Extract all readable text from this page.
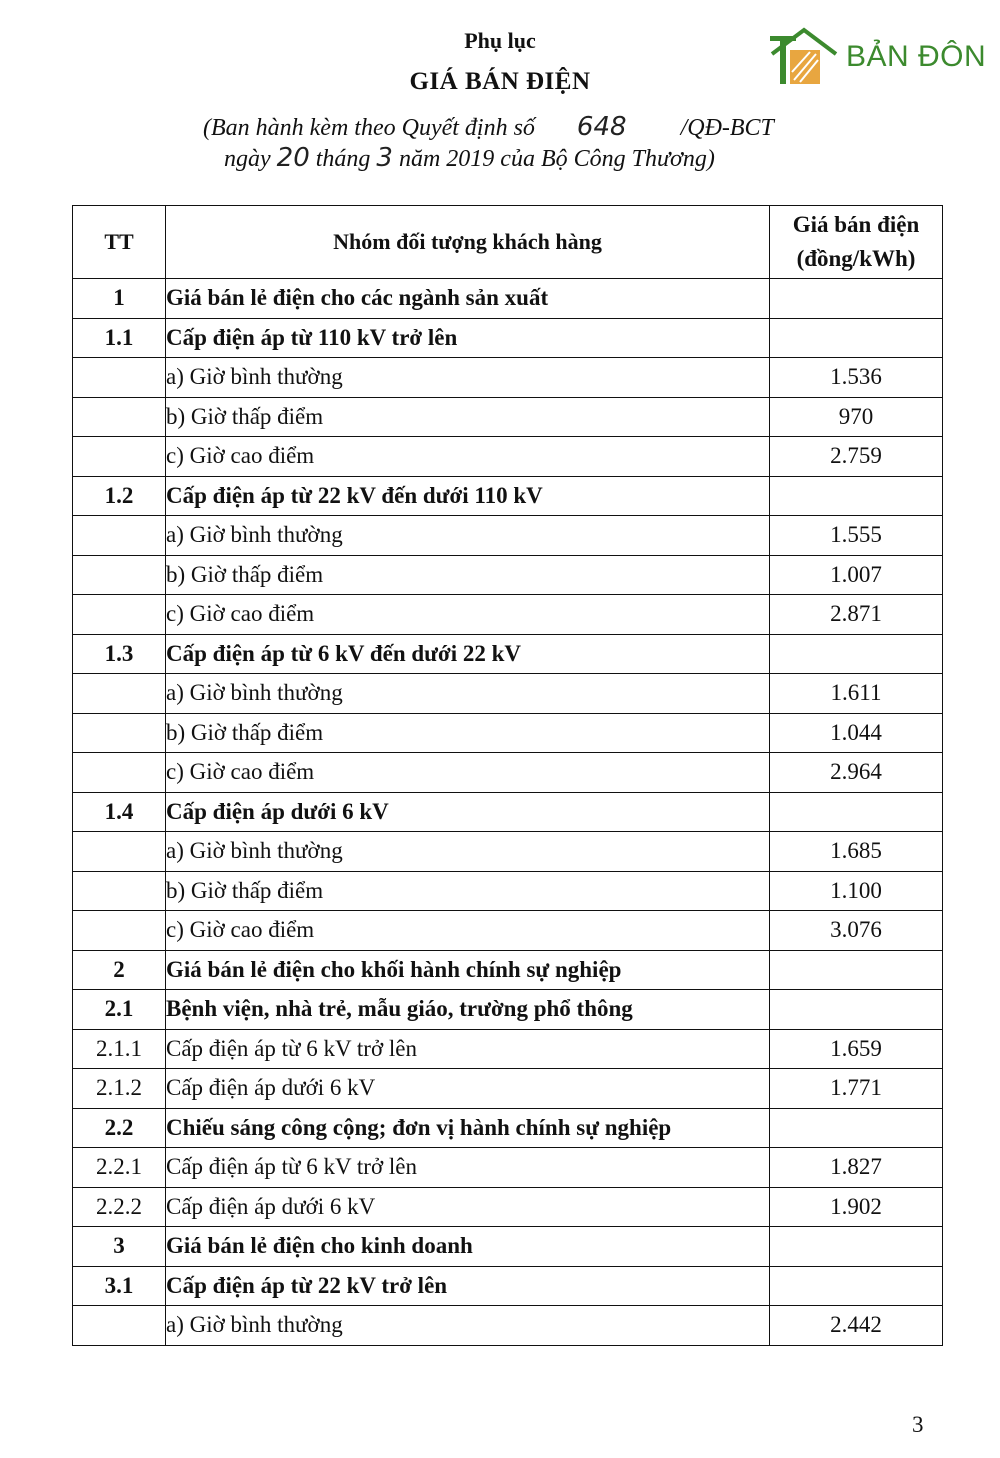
Phụ lục
GIÁ BÁN ĐIỆN
(Ban hành kèm theo Quyết định số 648 /QĐ-BCT
ngày 20 tháng 3 năm 2019 của Bộ Công Thương)
BẢN ĐÔN
TT	Nhóm đối tượng khách hàng	Giá bán điện
(đồng/kWh)

1	Giá bán lẻ điện cho các ngành sản xuất	
1.1	Cấp điện áp từ 110 kV trở lên	
	a) Giờ bình thường	1.536
	b) Giờ thấp điểm	970
	c) Giờ cao điểm	2.759
1.2	Cấp điện áp từ 22 kV đến dưới 110 kV	
	a) Giờ bình thường	1.555
	b) Giờ thấp điểm	1.007
	c) Giờ cao điểm	2.871
1.3	Cấp điện áp từ 6 kV đến dưới 22 kV	
	a) Giờ bình thường	1.611
	b) Giờ thấp điểm	1.044
	c) Giờ cao điểm	2.964
1.4	Cấp điện áp dưới 6 kV	
	a) Giờ bình thường	1.685
	b) Giờ thấp điểm	1.100
	c) Giờ cao điểm	3.076
2	Giá bán lẻ điện cho khối hành chính sự nghiệp	
2.1	Bệnh viện, nhà trẻ, mẫu giáo, trường phổ thông	
2.1.1	Cấp điện áp từ 6 kV trở lên	1.659
2.1.2	Cấp điện áp dưới 6 kV	1.771
2.2	Chiếu sáng công cộng; đơn vị hành chính sự nghiệp	
2.2.1	Cấp điện áp từ 6 kV trở lên	1.827
2.2.2	Cấp điện áp dưới 6 kV	1.902
3	Giá bán lẻ điện cho kinh doanh	
3.1	Cấp điện áp từ 22 kV trở lên	
	a) Giờ bình thường	2.442
3
